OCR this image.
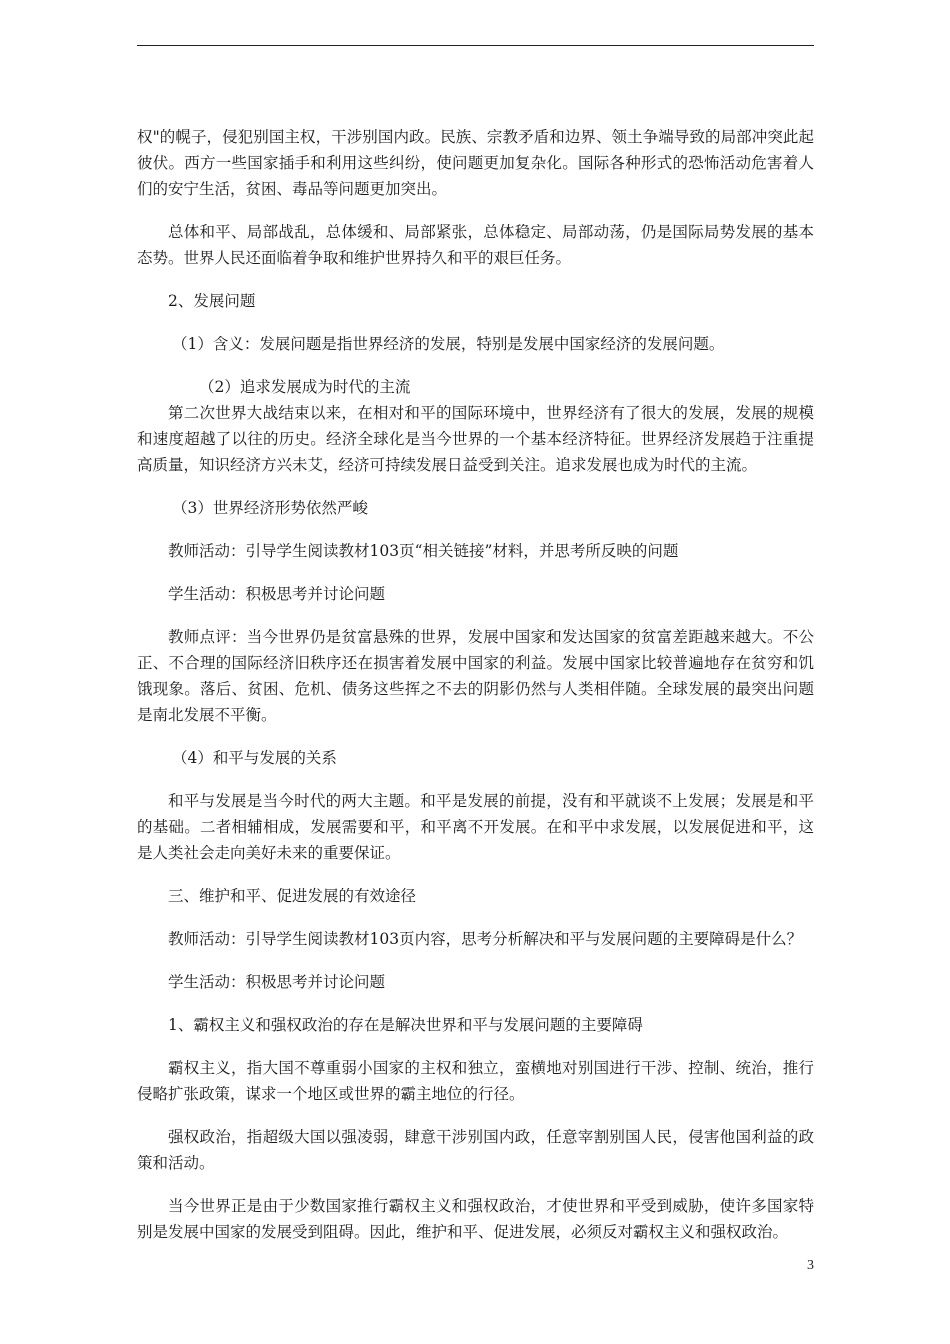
权"的幌子，侵犯别国主权，干涉别国内政。民族、宗教矛盾和边界、领土争端导致的局部冲突此起彼伏。西方一些国家插手和利用这些纠纷，使问题更加复杂化。国际各种形式的恐怖活动危害着人们的安宁生活，贫困、毒品等问题更加突出。

总体和平、局部战乱，总体缓和、局部紧张，总体稳定、局部动荡，仍是国际局势发展的基本态势。世界人民还面临着争取和维护世界持久和平的艰巨任务。

2、发展问题

（1）含义：发展问题是指世界经济的发展，特别是发展中国家经济的发展问题。

（2）追求发展成为时代的主流

第二次世界大战结束以来，在相对和平的国际环境中，世界经济有了很大的发展，发展的规模和速度超越了以往的历史。经济全球化是当今世界的一个基本经济特征。世界经济发展趋于注重提高质量，知识经济方兴未艾，经济可持续发展日益受到关注。追求发展也成为时代的主流。

（3）世界经济形势依然严峻

教师活动：引导学生阅读教材103页“相关链接”材料，并思考所反映的问题

学生活动：积极思考并讨论问题

教师点评：当今世界仍是贫富悬殊的世界，发展中国家和发达国家的贫富差距越来越大。不公正、不合理的国际经济旧秩序还在损害着发展中国家的利益。发展中国家比较普遍地存在贫穷和饥饿现象。落后、贫困、危机、债务这些挥之不去的阴影仍然与人类相伴随。全球发展的最突出问题是南北发展不平衡。

（4）和平与发展的关系

和平与发展是当今时代的两大主题。和平是发展的前提，没有和平就谈不上发展；发展是和平的基础。二者相辅相成，发展需要和平，和平离不开发展。在和平中求发展，以发展促进和平，这是人类社会走向美好未来的重要保证。

三、维护和平、促进发展的有效途径

教师活动：引导学生阅读教材103页内容，思考分析解决和平与发展问题的主要障碍是什么？

学生活动：积极思考并讨论问题

1、霸权主义和强权政治的存在是解决世界和平与发展问题的主要障碍

霸权主义，指大国不尊重弱小国家的主权和独立，蛮横地对别国进行干涉、控制、统治，推行侵略扩张政策，谋求一个地区或世界的霸主地位的行径。

强权政治，指超级大国以强凌弱，肆意干涉别国内政，任意宰割别国人民，侵害他国利益的政策和活动。

当今世界正是由于少数国家推行霸权主义和强权政治，才使世界和平受到威胁，使许多国家特别是发展中国家的发展受到阻碍。因此，维护和平、促进发展，必须反对霸权主义和强权政治。

3
